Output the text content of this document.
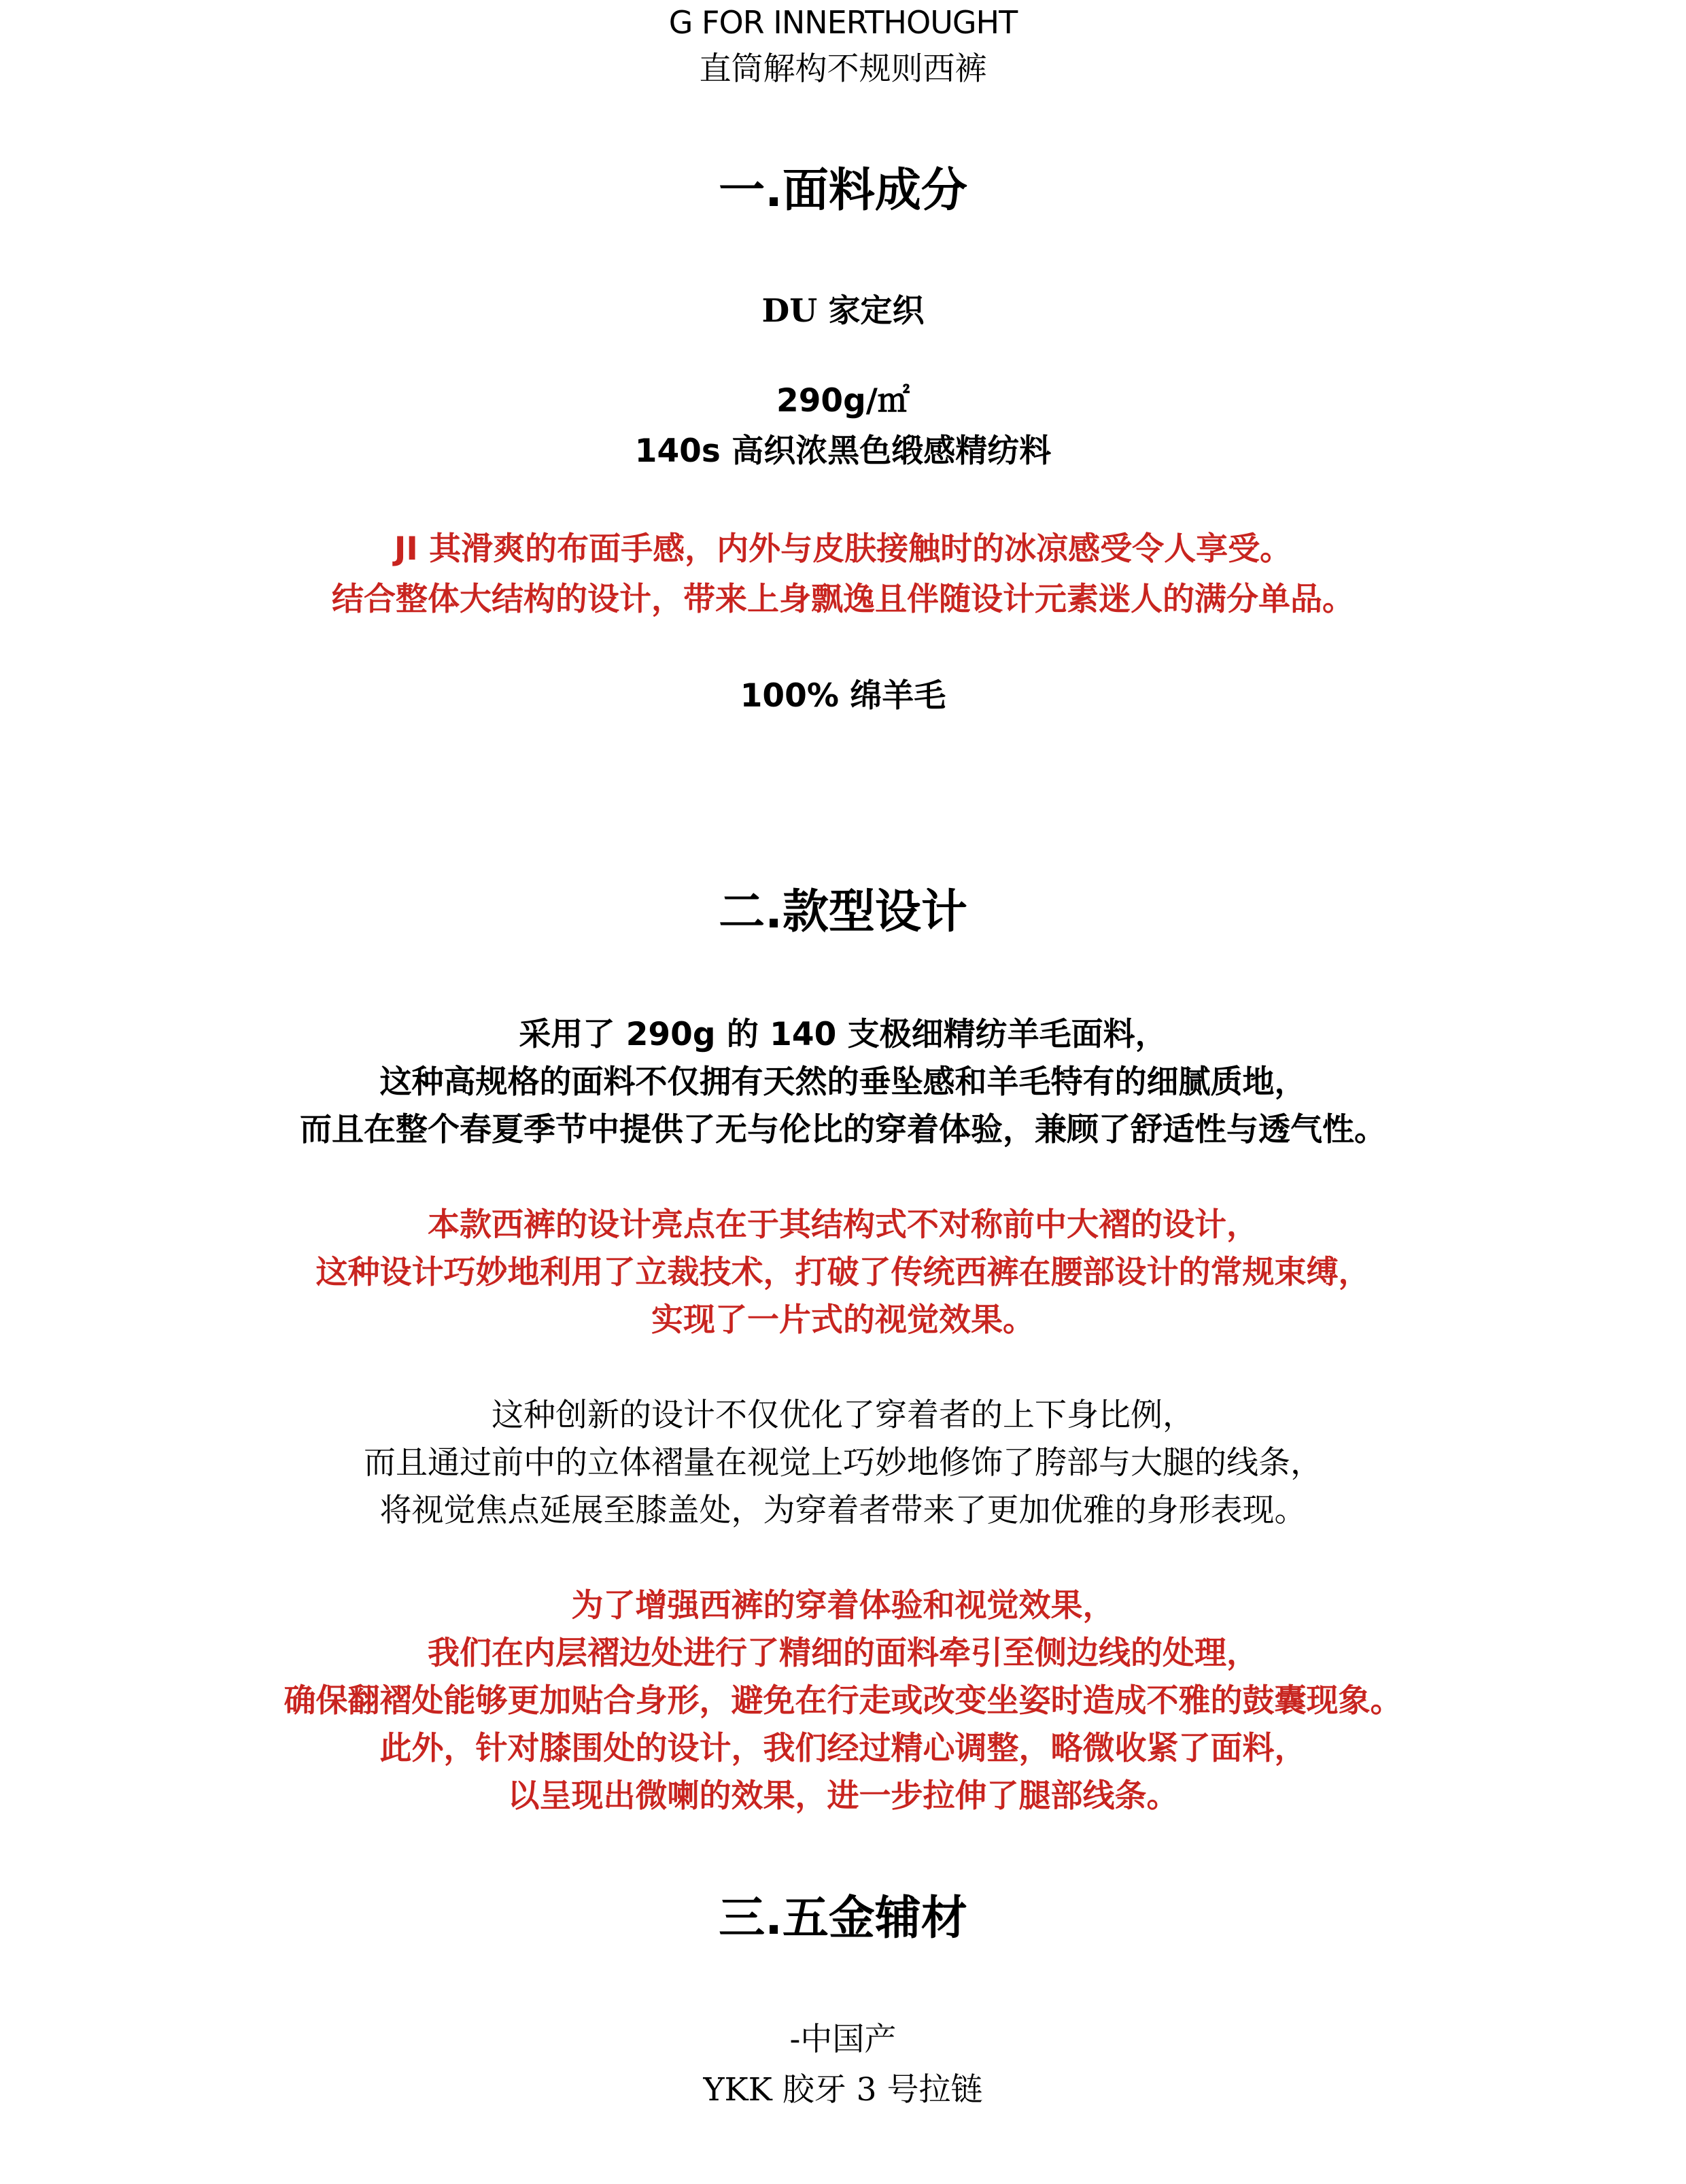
G FOR INNERTHOUGHT
直筒解构不规则西裤
一.面料成分
DU 家定织
290g/㎡
140s 高织浓黑色缎感精纺料
JI 其滑爽的布面手感，内外与皮肤接触时的冰凉感受令人享受。
结合整体大结构的设计，带来上身飘逸且伴随设计元素迷人的满分单品。
100% 绵羊毛
二.款型设计
采用了 290g 的 140 支极细精纺羊毛面料，
这种高规格的面料不仅拥有天然的垂坠感和羊毛特有的细腻质地，
而且在整个春夏季节中提供了无与伦比的穿着体验，兼顾了舒适性与透气性。
本款西裤的设计亮点在于其结构式不对称前中大褶的设计，
这种设计巧妙地利用了立裁技术，打破了传统西裤在腰部设计的常规束缚，
实现了一片式的视觉效果。
这种创新的设计不仅优化了穿着者的上下身比例，
而且通过前中的立体褶量在视觉上巧妙地修饰了胯部与大腿的线条，
将视觉焦点延展至膝盖处，为穿着者带来了更加优雅的身形表现。
为了增强西裤的穿着体验和视觉效果，
我们在内层褶边处进行了精细的面料牵引至侧边线的处理，
确保翻褶处能够更加贴合身形，避免在行走或改变坐姿时造成不雅的鼓囊现象。
此外，针对膝围处的设计，我们经过精心调整，略微收紧了面料，
以呈现出微喇的效果，进一步拉伸了腿部线条。
三.五金辅材
-中国产
YKK 胶牙 3 号拉链
